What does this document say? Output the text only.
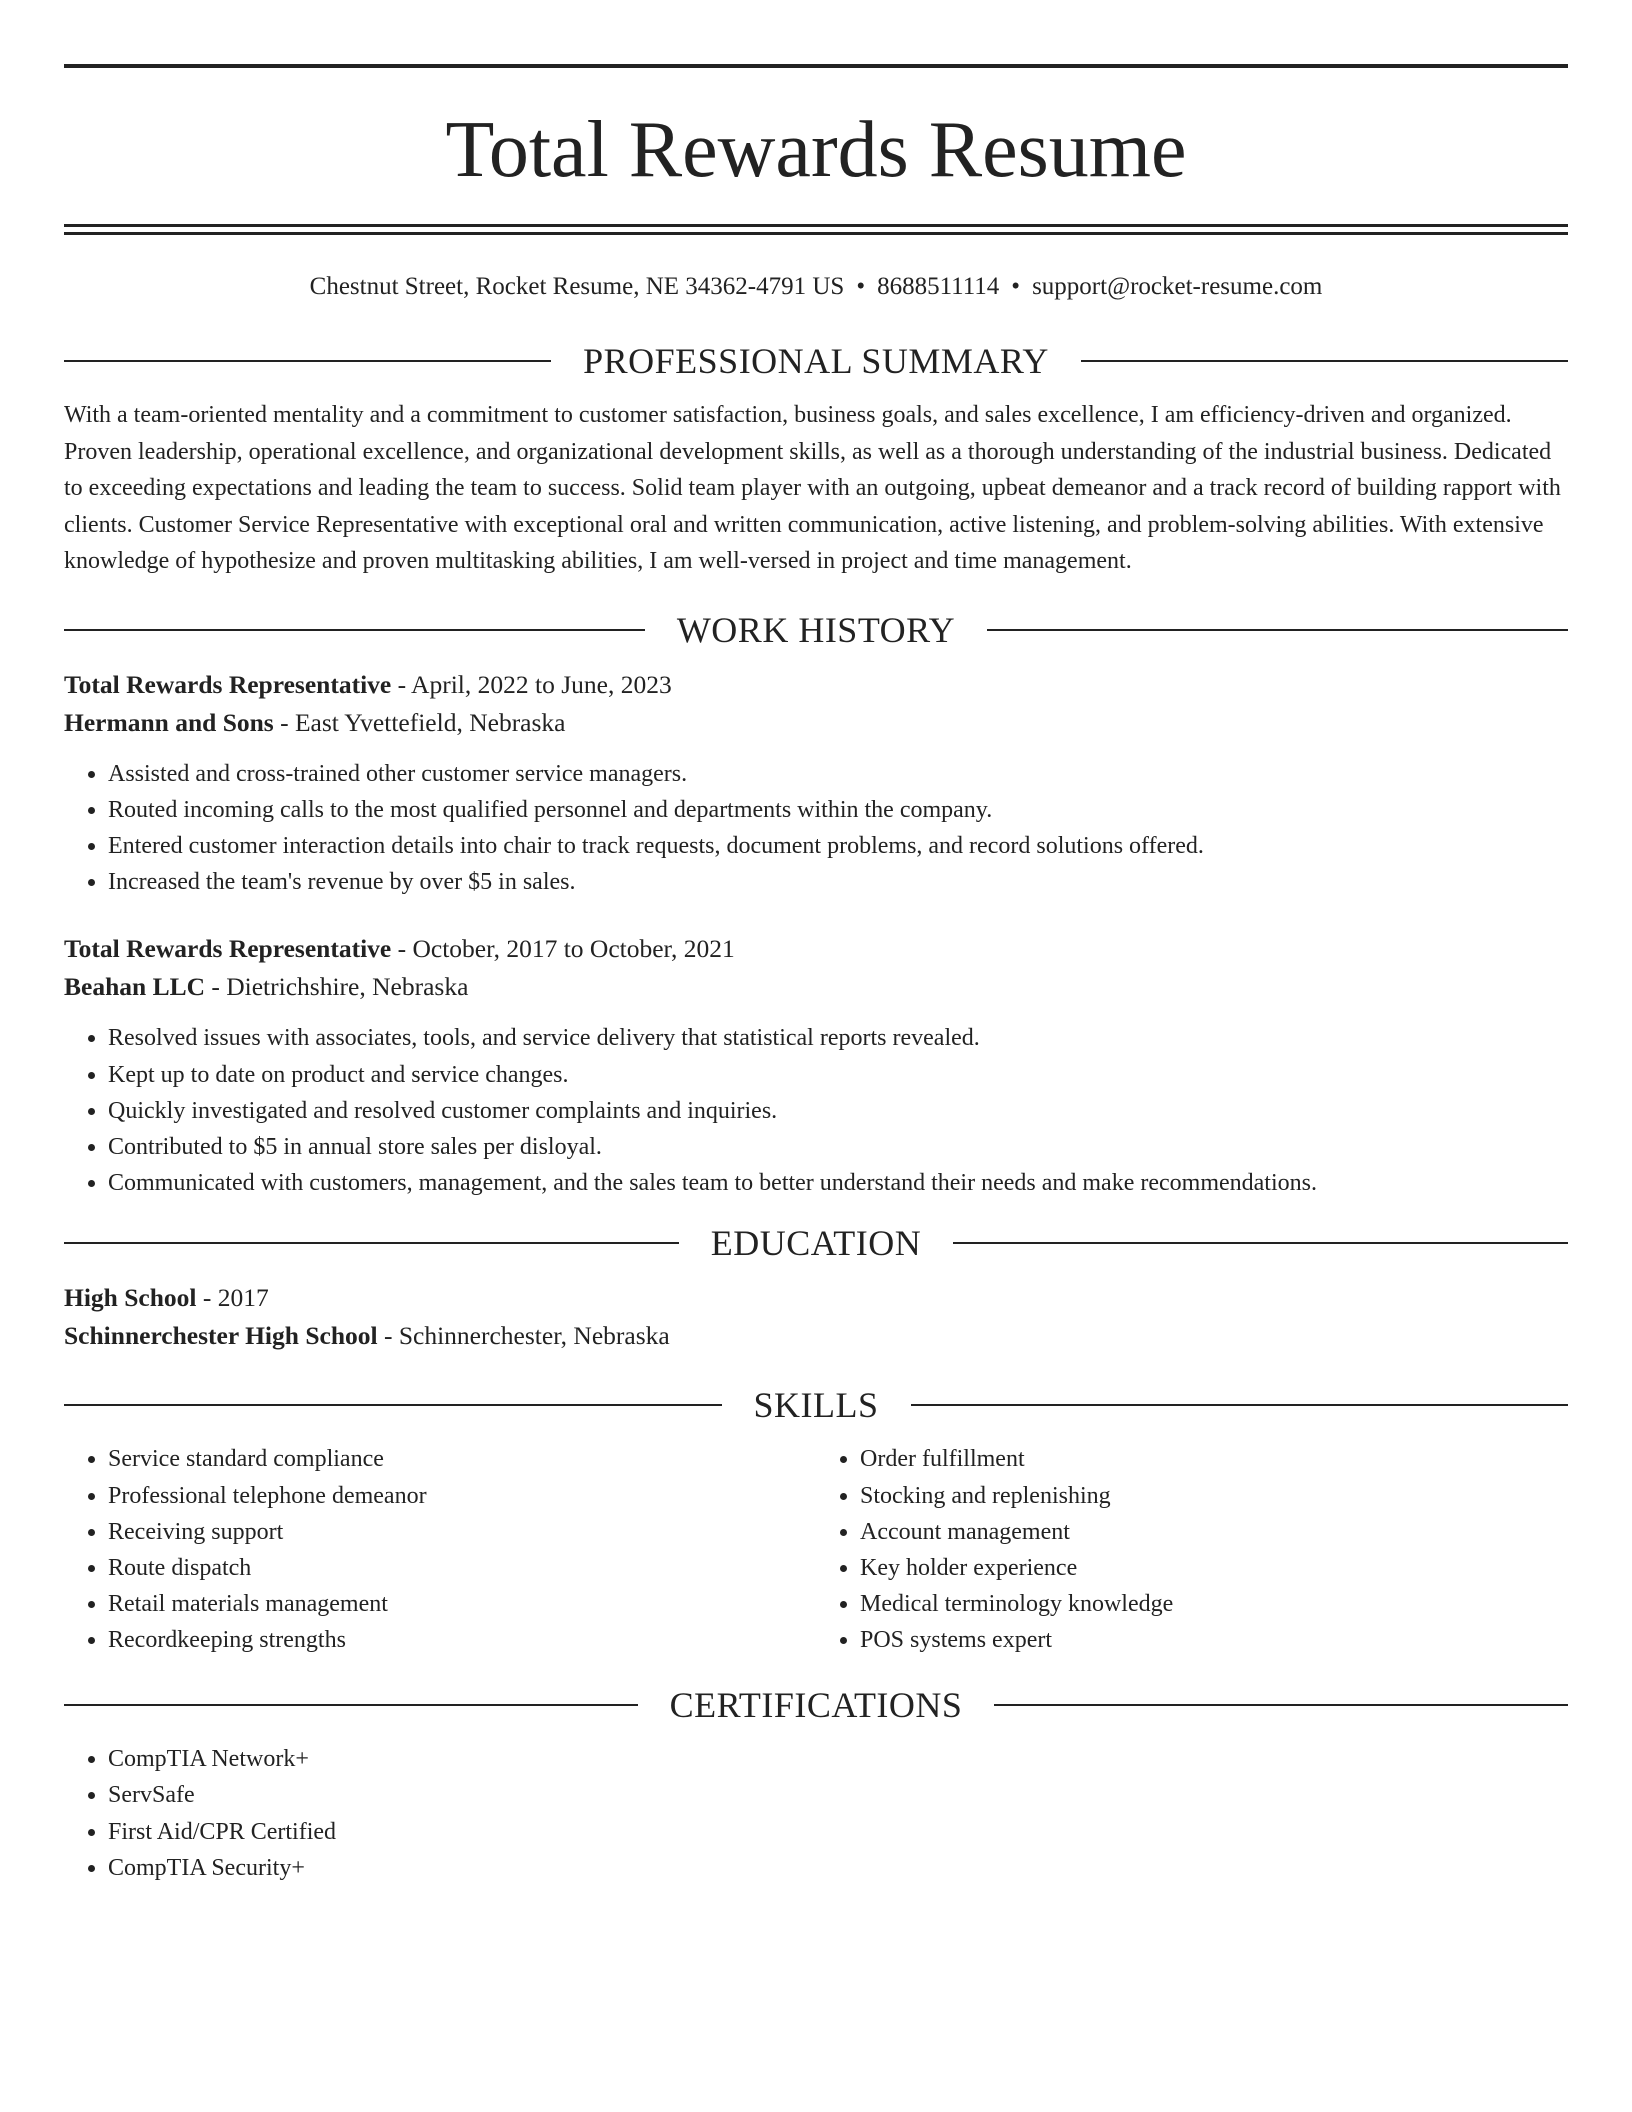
Total Rewards Resume
Chestnut Street, Rocket Resume, NE 34362-4791 US • 8688511114 • support@rocket-resume.com
PROFESSIONAL SUMMARY

With a team-oriented mentality and a commitment to customer satisfaction, business goals, and sales excellence, I am efficiency-driven and organized. Proven leadership, operational excellence, and organizational development skills, as well as a thorough understanding of the industrial business. Dedicated to exceeding expectations and leading the team to success. Solid team player with an outgoing, upbeat demeanor and a track record of building rapport with clients. Customer Service Representative with exceptional oral and written communication, active listening, and problem-solving abilities. With extensive knowledge of hypothesize and proven multitasking abilities, I am well-versed in project and time management.

WORK HISTORY

Total Rewards Representative - April, 2022 to June, 2023

Hermann and Sons - East Yvettefield, Nebraska

• Assisted and cross-trained other customer service managers.
• Routed incoming calls to the most qualified personnel and departments within the company.
• Entered customer interaction details into chair to track requests, document problems, and record solutions offered.
• Increased the team's revenue by over $5 in sales.

Total Rewards Representative - October, 2017 to October, 2021

Beahan LLC - Dietrichshire, Nebraska

• Resolved issues with associates, tools, and service delivery that statistical reports revealed.
• Kept up to date on product and service changes.
• Quickly investigated and resolved customer complaints and inquiries.
• Contributed to $5 in annual store sales per disloyal.
• Communicated with customers, management, and the sales team to better understand their needs and make recommendations.
EDUCATION

High School - 2017

Schinnerchester High School - Schinnerchester, Nebraska

SKILLS
• Service standard compliance
• Professional telephone demeanor
• Receiving support
• Route dispatch
• Retail materials management
• Recordkeeping strengths
• Order fulfillment
• Stocking and replenishing
• Account management
• Key holder experience
• Medical terminology knowledge
• POS systems expert
CERTIFICATIONS
• CompTIA Network+
• ServSafe
• First Aid/CPR Certified
• CompTIA Security+
